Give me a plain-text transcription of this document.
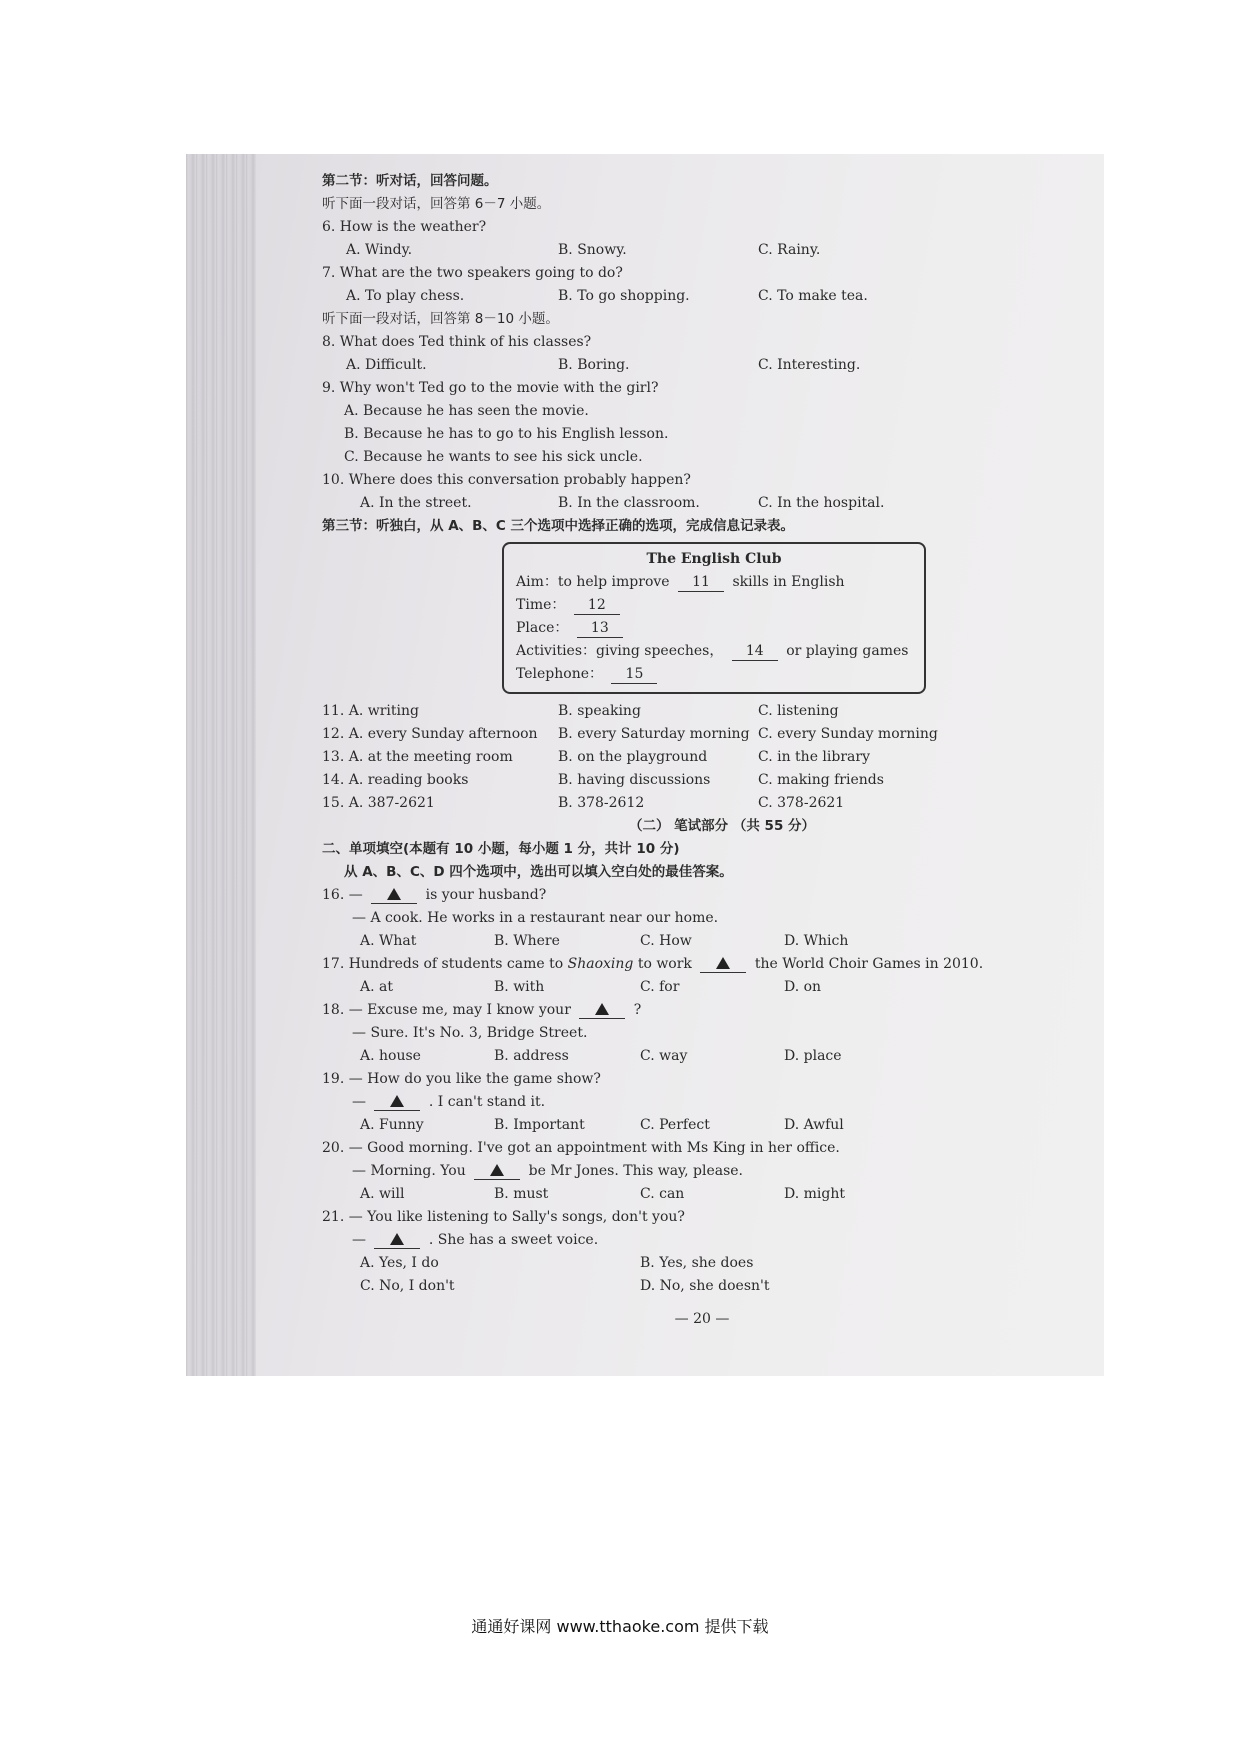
第二节：听对话，回答问题。
听下面一段对话，回答第 6－7 小题。
6. How is the weather?
A. Windy.	B. Snowy.	C. Rainy.
7. What are the two speakers going to do?
A. To play chess.	B. To go shopping.	C. To make tea.
听下面一段对话，回答第 8－10 小题。
8. What does Ted think of his classes?
A. Difficult.	B. Boring.	C. Interesting.
9. Why won't Ted go to the movie with the girl?
A. Because he has seen the movie.
B. Because he has to go to his English lesson.
C. Because he wants to see his sick uncle.
10. Where does this conversation probably happen?
A. In the street.	B. In the classroom.	C. In the hospital.
第三节：听独白，从 A、B、C 三个选项中选择正确的选项，完成信息记录表。
The English Club
Aim：to help improve 11 skills in English
Time： 12
Place： 13
Activities：giving speeches， 14 or playing games
Telephone： 15
11. A. writing	B. speaking	C. listening
12. A. every Sunday afternoon B. every Saturday morning C. every Sunday morning
13. A. at the meeting room	B. on the playground	C. in the library
14. A. reading books	B. having discussions	C. making friends
15. A. 387-2621	B. 378-2612	C. 378-2621
（二） 笔试部分 （共 55 分）
二、单项填空(本题有 10 小题，每小题 1 分，共计 10 分)
从 A、B、C、D 四个选项中，选出可以填入空白处的最佳答案。
16. —	is your husband?
— A cook. He works in a restaurant near our home.
A. What	B. Where	C. How	D. Which
17. Hundreds of students came to Shaoxing to work	the World Choir Games in 2010.
A. at	B. with	C. for	D. on
18. — Excuse me, may I know your	?
— Sure. It's No. 3, Bridge Street.
A. house	B. address	C. way	D. place
19. — How do you like the game show?
—	. I can't stand it.
A. Funny	B. Important	C. Perfect	D. Awful
20. — Good morning. I've got an appointment with Ms King in her office.
— Morning. You	be Mr Jones. This way, please.
A. will	B. must	C. can	D. might
21. — You like listening to Sally's songs, don't you?
—	. She has a sweet voice.
A. Yes, I do	B. Yes, she does
C. No, I don't	D. No, she doesn't
— 20 —
通通好课网 www.tthaoke.com 提供下载
